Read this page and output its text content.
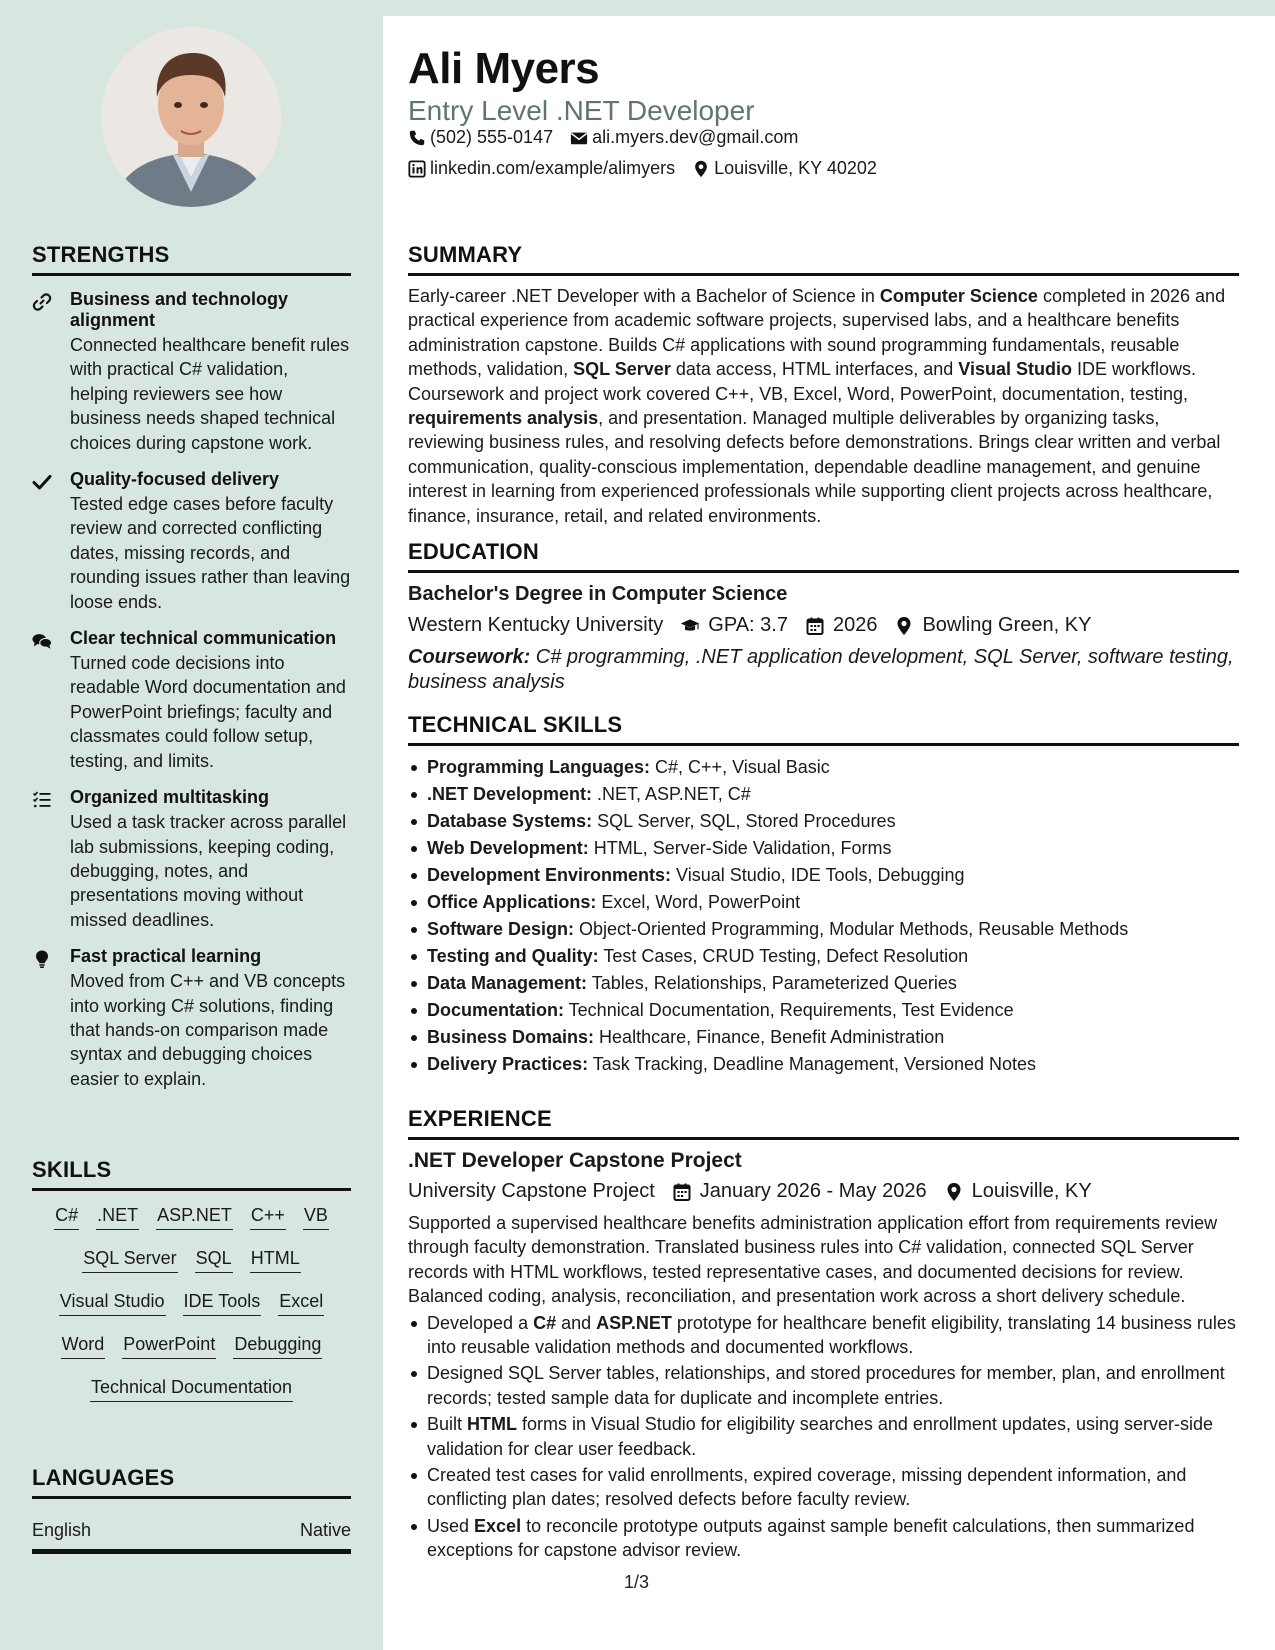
STRENGTHS
Business and technology alignment
Connected healthcare benefit rules with practical C# validation, helping reviewers see how business needs shaped technical choices during capstone work.
Quality-focused delivery
Tested edge cases before faculty review and corrected conflicting dates, missing records, and rounding issues rather than leaving loose ends.
Clear technical communication
Turned code decisions into readable Word documentation and PowerPoint briefings; faculty and classmates could follow setup, testing, and limits.
Organized multitasking
Used a task tracker across parallel lab submissions, keeping coding, debugging, notes, and presentations moving without missed deadlines.
Fast practical learning
Moved from C++ and VB concepts into working C# solutions, finding that hands-on comparison made syntax and debugging choices easier to explain.
SKILLS
C# .NET ASP.NET C++ VB
SQL Server SQL HTML
Visual Studio IDE Tools Excel
Word PowerPoint Debugging
Technical Documentation
LANGUAGES
English	Native
Ali Myers
Entry Level .NET Developer
(502) 555-0147 ali.myers.dev@gmail.com
linkedin.com/example/alimyers Louisville, KY 40202
SUMMARY

Early-career .NET Developer with a Bachelor of Science in Computer Science completed in 2026 and practical experience from academic software projects, supervised labs, and a healthcare benefits administration capstone. Builds C# applications with sound programming fundamentals, reusable methods, validation, SQL Server data access, HTML interfaces, and Visual Studio IDE workflows. Coursework and project work covered C++, VB, Excel, Word, PowerPoint, documentation, testing, requirements analysis, and presentation. Managed multiple deliverables by organizing tasks, reviewing business rules, and resolving defects before demonstrations. Brings clear written and verbal communication, quality-conscious implementation, dependable deadline management, and genuine interest in learning from experienced professionals while supporting client projects across healthcare, finance, insurance, retail, and related environments.

EDUCATION
Bachelor's Degree in Computer Science
Western Kentucky University GPA: 3.7 2026 Bowling Green, KY
Coursework: C# programming, .NET application development, SQL Server, software testing, business analysis
TECHNICAL SKILLS
Programming Languages: C#, C++, Visual Basic
.NET Development: .NET, ASP.NET, C#
Database Systems: SQL Server, SQL, Stored Procedures
Web Development: HTML, Server-Side Validation, Forms
Development Environments: Visual Studio, IDE Tools, Debugging
Office Applications: Excel, Word, PowerPoint
Software Design: Object-Oriented Programming, Modular Methods, Reusable Methods
Testing and Quality: Test Cases, CRUD Testing, Defect Resolution
Data Management: Tables, Relationships, Parameterized Queries
Documentation: Technical Documentation, Requirements, Test Evidence
Business Domains: Healthcare, Finance, Benefit Administration
Delivery Practices: Task Tracking, Deadline Management, Versioned Notes
EXPERIENCE
.NET Developer Capstone Project
University Capstone Project January 2026 - May 2026 Louisville, KY
Supported a supervised healthcare benefits administration application effort from requirements review through faculty demonstration. Translated business rules into C# validation, connected SQL Server records with HTML workflows, tested representative cases, and documented decisions for review. Balanced coding, analysis, reconciliation, and presentation work across a short delivery schedule.
Developed a C# and ASP.NET prototype for healthcare benefit eligibility, translating 14 business rules into reusable validation methods and documented workflows.
Designed SQL Server tables, relationships, and stored procedures for member, plan, and enrollment records; tested sample data for duplicate and incomplete entries.
Built HTML forms in Visual Studio for eligibility searches and enrollment updates, using server-side validation for clear user feedback.
Created test cases for valid enrollments, expired coverage, missing dependent information, and conflicting plan dates; resolved defects before faculty review.
Used Excel to reconcile prototype outputs against sample benefit calculations, then summarized exceptions for capstone advisor review.
1/3
